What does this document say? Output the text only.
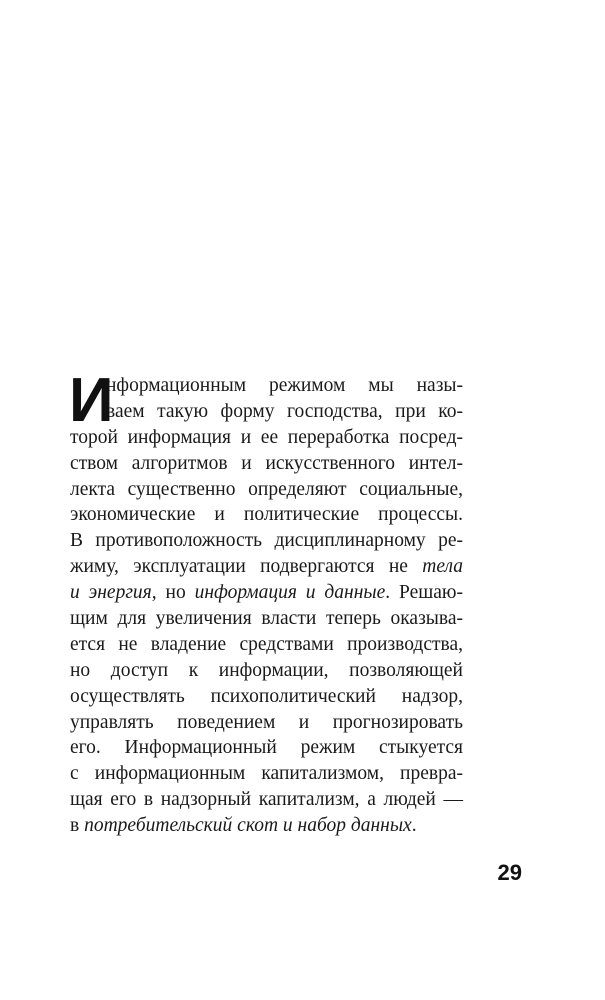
И
нформационным режимом мы назы-
ваем такую форму господства, при ко-
торой информация и ее переработка посред-
ством алгоритмов и искусственного интел-
лекта существенно определяют социальные,
экономические и политические процессы.
В противоположность дисциплинарному ре-
жиму, эксплуатации подвергаются не тела
и энергия, но информация и данные. Решаю-
щим для увеличения власти теперь оказыва-
ется не владение средствами производства,
но доступ к информации, позволяющей
осуществлять психополитический надзор,
управлять поведением и прогнозировать
его. Информационный режим стыкуется
с информационным капитализмом, превра-
щая его в надзорный капитализм, а людей —
в потребительский скот и набор данных.
29
